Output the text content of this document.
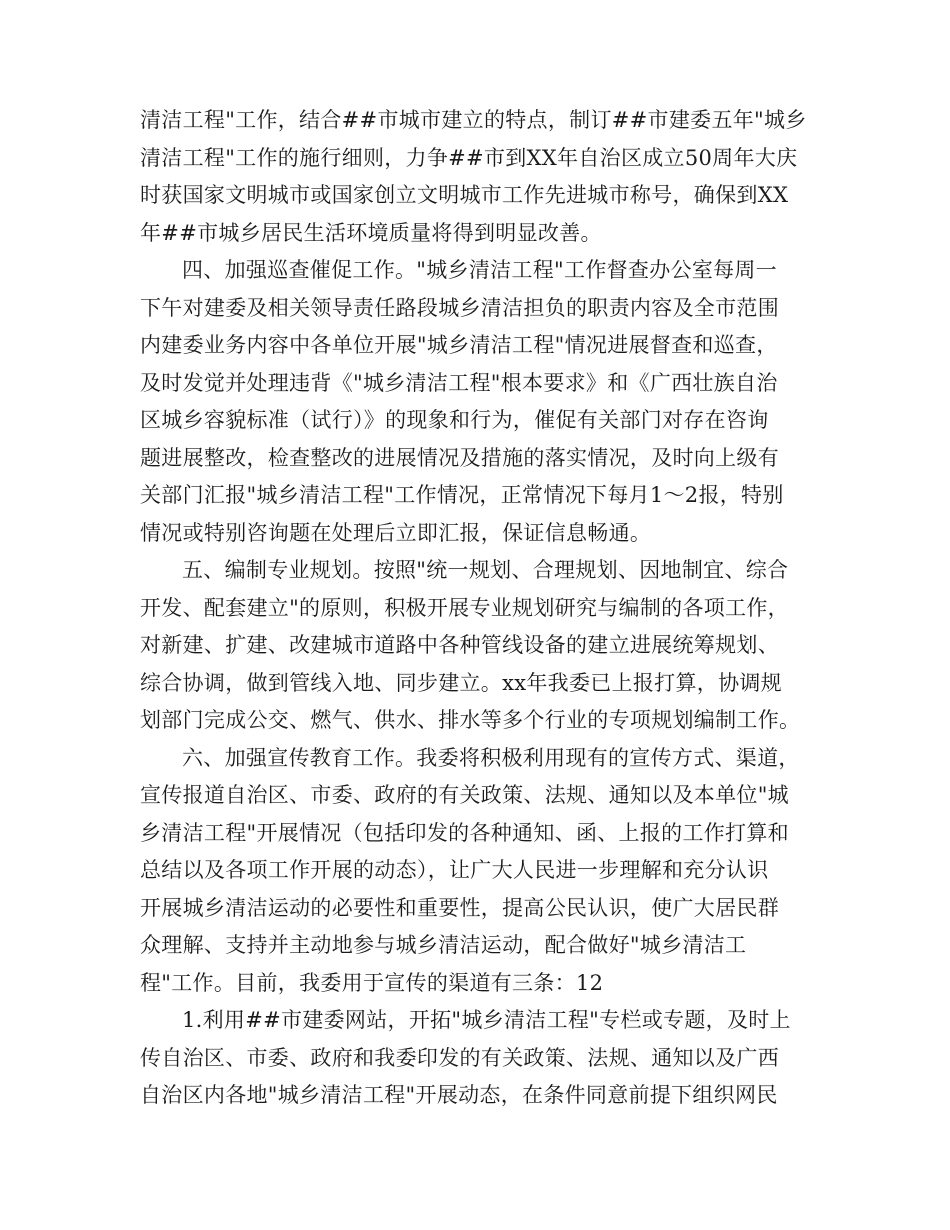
清洁工程"工作，结合##市城市建立的特点，制订##市建委五年"城乡
清洁工程"工作的施行细则，力争##市到XX年自治区成立50周年大庆
时获国家文明城市或国家创立文明城市工作先进城市称号，确保到XX
年##市城乡居民生活环境质量将得到明显改善。
四、加强巡查催促工作。"城乡清洁工程"工作督查办公室每周一
下午对建委及相关领导责任路段城乡清洁担负的职责内容及全市范围
内建委业务内容中各单位开展"城乡清洁工程"情况进展督查和巡查，
及时发觉并处理违背《"城乡清洁工程"根本要求》和《广西壮族自治
区城乡容貌标准（试行）》的现象和行为，催促有关部门对存在咨询
题进展整改，检查整改的进展情况及措施的落实情况，及时向上级有
关部门汇报"城乡清洁工程"工作情况，正常情况下每月1～2报，特别
情况或特别咨询题在处理后立即汇报，保证信息畅通。
五、编制专业规划。按照"统一规划、合理规划、因地制宜、综合
开发、配套建立"的原则，积极开展专业规划研究与编制的各项工作，
对新建、扩建、改建城市道路中各种管线设备的建立进展统筹规划、
综合协调，做到管线入地、同步建立。xx年我委已上报打算，协调规
划部门完成公交、燃气、供水、排水等多个行业的专项规划编制工作。
六、加强宣传教育工作。我委将积极利用现有的宣传方式、渠道，
宣传报道自治区、市委、政府的有关政策、法规、通知以及本单位"城
乡清洁工程"开展情况（包括印发的各种通知、函、上报的工作打算和
总结以及各项工作开展的动态），让广大人民进一步理解和充分认识
开展城乡清洁运动的必要性和重要性，提高公民认识，使广大居民群
众理解、支持并主动地参与城乡清洁运动，配合做好"城乡清洁工
程"工作。目前，我委用于宣传的渠道有三条：12
1.利用##市建委网站，开拓"城乡清洁工程"专栏或专题，及时上
传自治区、市委、政府和我委印发的有关政策、法规、通知以及广西
自治区内各地"城乡清洁工程"开展动态，在条件同意前提下组织网民
